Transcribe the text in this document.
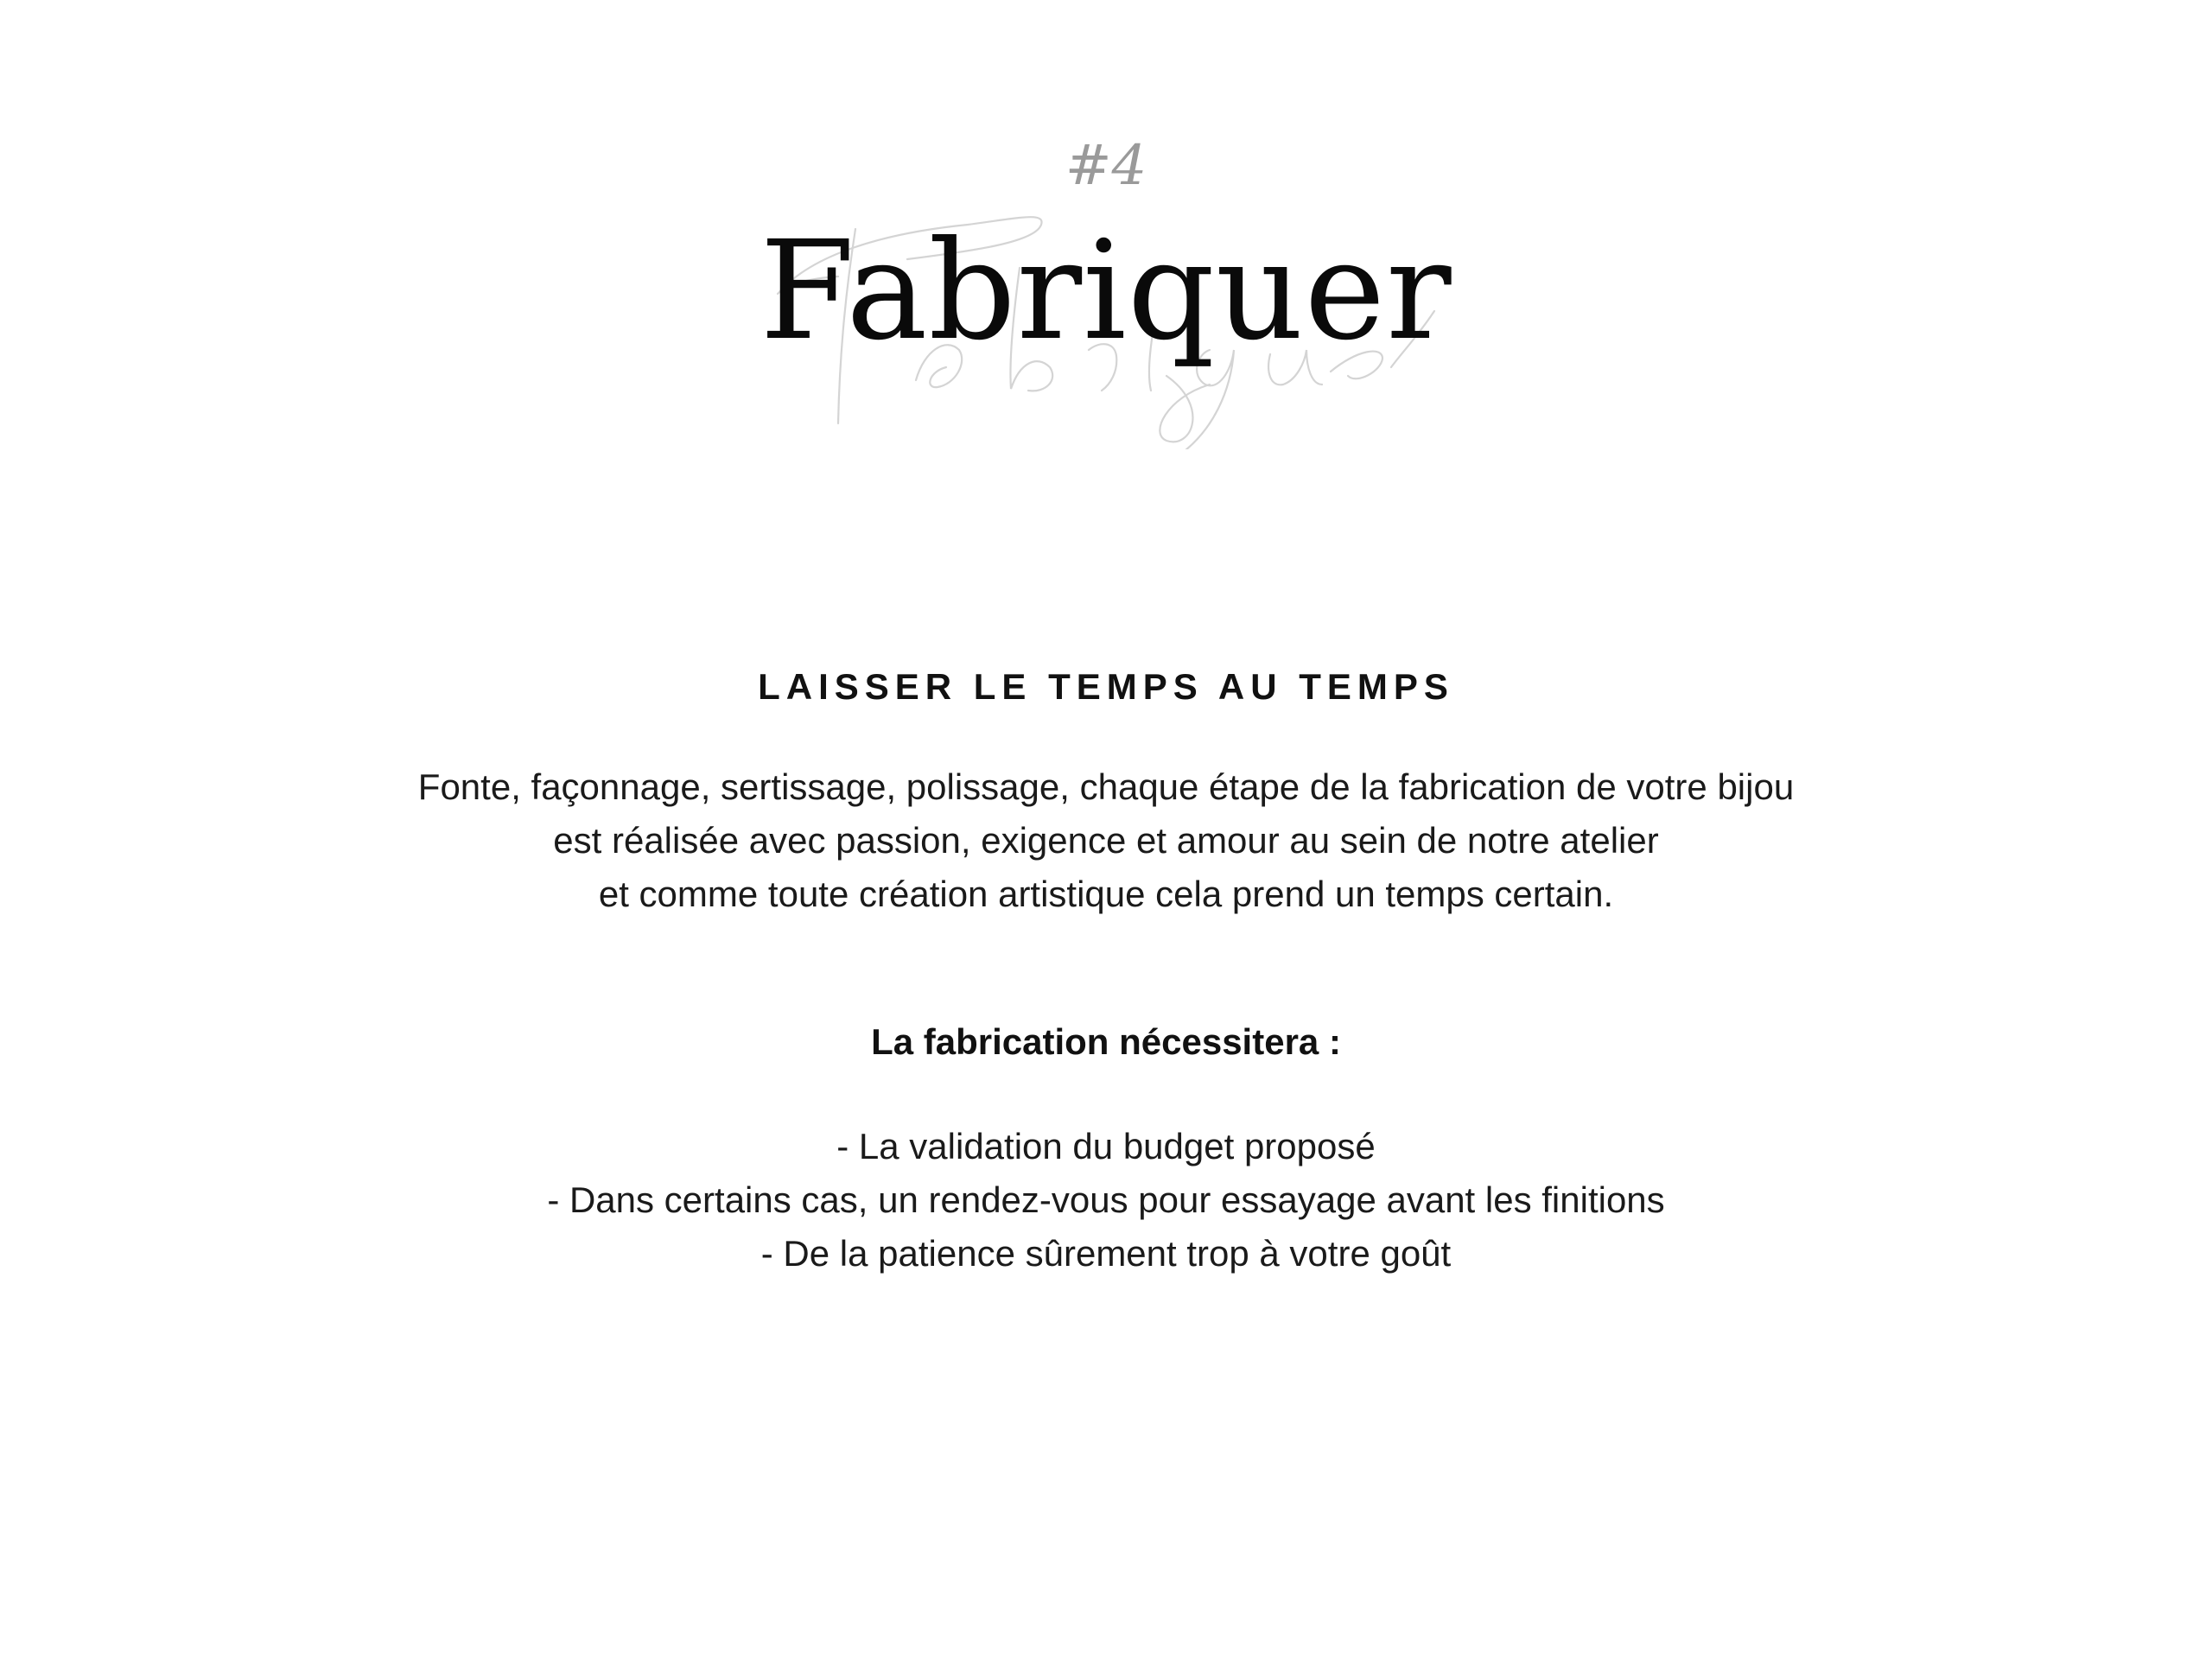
#4
Fabriquer
LAISSER LE TEMPS AU TEMPS

Fonte, façonnage, sertissage, polissage, chaque étape de la fabrication de votre bijou
est réalisée avec passion, exigence et amour au sein de notre atelier
et comme toute création artistique cela prend un temps certain.

La fabrication nécessitera :

- La validation du budget proposé
- Dans certains cas, un rendez-vous pour essayage avant les finitions
- De la patience sûrement trop à votre goût
